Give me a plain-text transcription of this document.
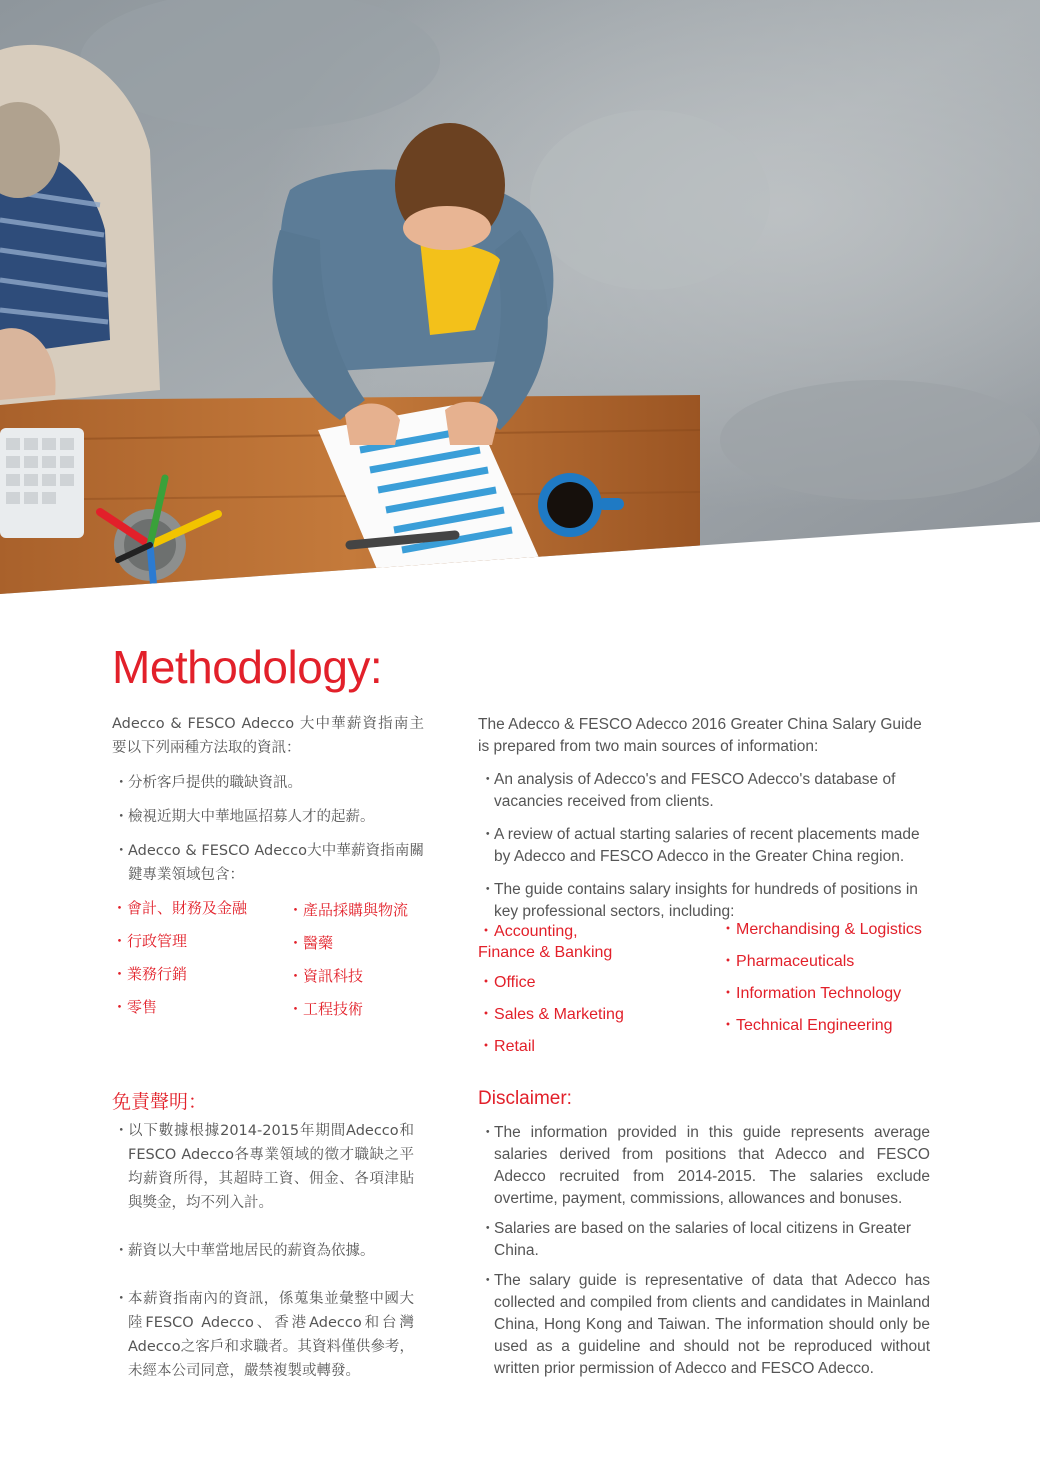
Methodology:

Adecco & FESCO Adecco 大中華薪資指南主要以下列兩種方法取的資訊：

・ 分析客戶提供的職缺資訊。
・ 檢視近期大中華地區招募人才的起薪。
・ Adecco & FESCO Adecco大中華薪資指南關鍵專業領域包含：
・會計、財務及金融
・行政管理
・業務行銷
・零售
・產品採購與物流
・醫藥
・資訊科技
・工程技術
免責聲明：
・ 以下數據根據2014-2015年期間Adecco和FESCO Adecco各專業領域的徵才職缺之平均薪資所得，其超時工資、佣金、各項津貼與獎金，均不列入計。
・ 薪資以大中華當地居民的薪資為依據。
・ 本薪資指南內的資訊，係蒐集並彙整中國大陸FESCO Adecco、香港Adecco和台灣Adecco之客戶和求職者。其資料僅供參考，未經本公司同意，嚴禁複製或轉發。

The Adecco & FESCO Adecco 2016 Greater China Salary Guide is prepared from two main sources of information:

・
An analysis of Adecco's and FESCO Adecco's database of vacancies received from clients.
・
A review of actual starting salaries of recent placements made by Adecco and FESCO Adecco in the Greater China region.
・
The guide contains salary insights for hundreds of positions in key professional sectors, including:
・Accounting, Finance & Banking
・Office
・Sales & Marketing
・Retail
・Merchandising & Logistics
・Pharmaceuticals
・Information Technology
・Technical Engineering
Disclaimer:
・
The information provided in this guide represents average salaries derived from positions that Adecco and FESCO Adecco recruited from 2014-2015. The salaries exclude overtime, payment, commissions, allowances and bonuses.
・
Salaries are based on the salaries of local citizens in Greater China.
・
The salary guide is representative of data that Adecco has collected and compiled from clients and candidates in Mainland China, Hong Kong and Taiwan. The information should only be used as a guideline and should not be reproduced without written prior permission of Adecco and FESCO Adecco.
